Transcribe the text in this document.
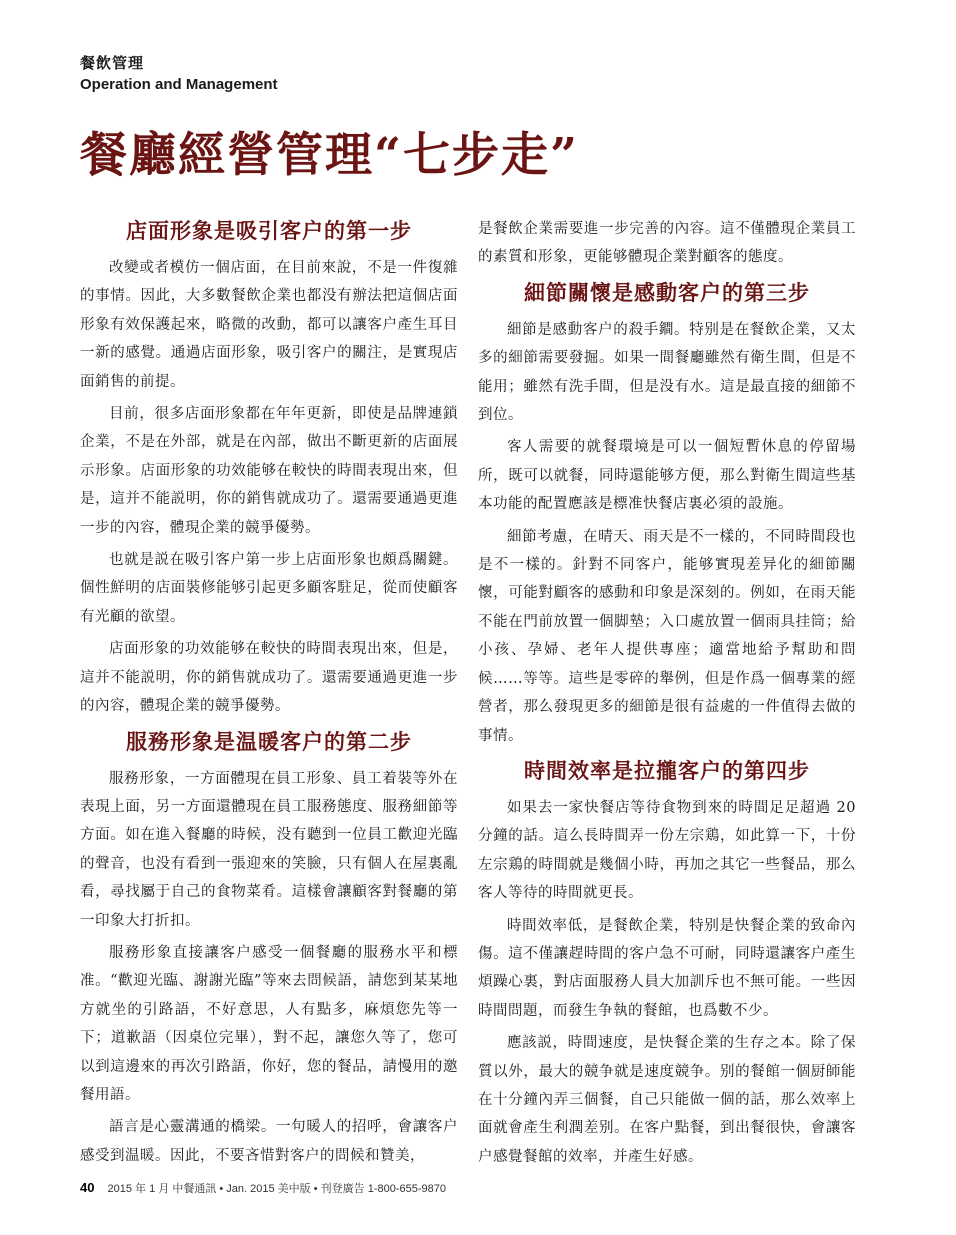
餐飲管理
Operation and Management
餐廳經營管理“七步走”
店面形象是吸引客户的第一步

改變或者模仿一個店面，在目前來說，不是一件復雜的事情。因此，大多數餐飲企業也都没有辦法把這個店面形象有效保護起來，略微的改動，都可以讓客户產生耳目一新的感覺。通過店面形象，吸引客户的關注，是實現店面銷售的前提。

目前，很多店面形象都在年年更新，即使是品牌連鎖企業，不是在外部，就是在內部，做出不斷更新的店面展示形象。店面形象的功效能够在較快的時間表現出來，但是，這并不能説明，你的銷售就成功了。還需要通過更進一步的內容，體現企業的競爭優勢。

也就是説在吸引客户第一步上店面形象也頗爲關鍵。個性鮮明的店面裝修能够引起更多顧客駐足，從而使顧客有光顧的欲望。

店面形象的功效能够在較快的時間表現出來，但是，這并不能説明，你的銷售就成功了。還需要通過更進一步的內容，體現企業的競爭優勢。

服務形象是温暖客户的第二步

服務形象，一方面體現在員工形象、員工着裝等外在表現上面，另一方面還體現在員工服務態度、服務細節等方面。如在進入餐廳的時候，没有聽到一位員工歡迎光臨的聲音，也没有看到一張迎來的笑臉，只有個人在屋裏亂看，尋找屬于自己的食物菜肴。這樣會讓顧客對餐廳的第一印象大打折扣。

服務形象直接讓客户感受一個餐廳的服務水平和標准。“歡迎光臨、謝謝光臨”等來去問候語，請您到某某地方就坐的引路語，不好意思，人有點多，麻煩您先等一下；道歉語（因桌位完畢），對不起，讓您久等了，您可以到這邊來的再次引路語，你好，您的餐品，請慢用的邀餐用語。

語言是心靈溝通的橋梁。一句暖人的招呼，會讓客户感受到温暖。因此，不要吝惜對客户的問候和贊美，

是餐飲企業需要進一步完善的內容。這不僅體現企業員工的素質和形象，更能够體現企業對顧客的態度。

細節關懷是感動客户的第三步

細節是感動客户的殺手鐧。特别是在餐飲企業，又太多的細節需要發掘。如果一間餐廳雖然有衛生間，但是不能用；雖然有洗手間，但是没有水。這是最直接的細節不到位。

客人需要的就餐環境是可以一個短暫休息的停留場所，既可以就餐，同時還能够方便，那么對衛生間這些基本功能的配置應該是標准快餐店裏必須的設施。

細節考慮，在晴天、雨天是不一樣的，不同時間段也是不一樣的。針對不同客户，能够實現差异化的細節關懷，可能對顧客的感動和印象是深刻的。例如，在雨天能不能在門前放置一個脚墊；入口處放置一個雨具挂筒；給小孩、孕婦、老年人提供專座；適當地給予幫助和問候……等等。這些是零碎的舉例，但是作爲一個專業的經營者，那么發現更多的細節是很有益處的一件值得去做的事情。

時間效率是拉攏客户的第四步

如果去一家快餐店等待食物到來的時間足足超過 20 分鐘的話。這么長時間弄一份左宗鶏，如此算一下，十份左宗鶏的時間就是幾個小時，再加之其它一些餐品，那么客人等待的時間就更長。

時間效率低，是餐飲企業，特别是快餐企業的致命內傷。這不僅讓趕時間的客户急不可耐，同時還讓客户產生煩躁心裏，對店面服務人員大加訓斥也不無可能。一些因時間問題，而發生争執的餐館，也爲數不少。

應該説，時間速度，是快餐企業的生存之本。除了保質以外，最大的競争就是速度競争。别的餐館一個厨師能在十分鐘內弄三個餐，自己只能做一個的話，那么效率上面就會產生利潤差别。在客户點餐，到出餐很快，會讓客户感覺餐館的效率，并產生好感。

40 2015 年 1 月 中餐通訊 • Jan. 2015 美中版 • 刊登廣告 1-800-655-9870
